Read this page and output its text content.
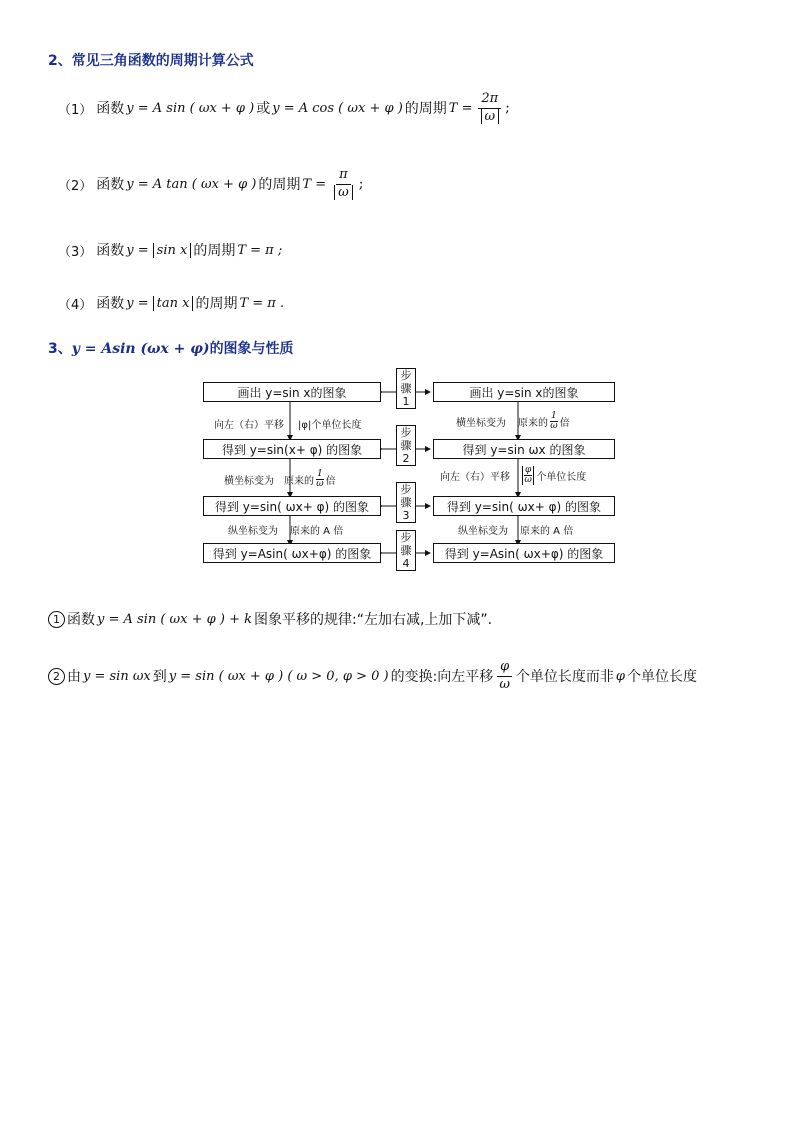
2、常见三角函数的周期计算公式
（1） 函数 y = A sin ( ωx + φ ) 或 y = A cos ( ωx + φ ) 的周期 $T = \frac{2\pi}{\omega}$ ;
（2） 函数 y = A tan ( ωx + φ ) 的周期 $T = \frac{\pi}{\omega}$ ;
（3） 函数 y = sin x 的周期 T = π ;
（4） 函数 y = tan x 的周期 T = π .
3、y = Asin (ωx + φ)的图象与性质
画出 y=sin x的图象
得到 y=sin(x+ φ) 的图象
得到 y=sin( ωx+ φ) 的图象
得到 y=Asin( ωx+φ) 的图象
画出 y=sin x的图象
得到 y=sin ωx 的图象
得到 y=sin( ωx+ φ) 的图象
得到 y=Asin( ωx+φ) 的图象
步
骤
1
步
骤
2
步
骤
3
步
骤
4
向左（右）平移 |φ|个单位长度
横坐标变为 原来的 $\frac{1}{\omega}$ 倍
纵坐标变为 原来的 A 倍
横坐标变为 原来的 $\frac{1}{\omega}$ 倍
向左（右）平移 $\frac{\varphi}{\omega}$ 个单位长度
纵坐标变为 原来的 A 倍
1 函数 y = A sin ( ωx + φ ) + k 图象平移的规律:“左加右减,上加下减”.
2 由 y = sin ωx 到 y = sin ( ωx + φ ) ( ω > 0, φ > 0 ) 的变换:向左平移 $\frac{\varphi}{\omega}$ 个单位长度而非 φ 个单位长度
